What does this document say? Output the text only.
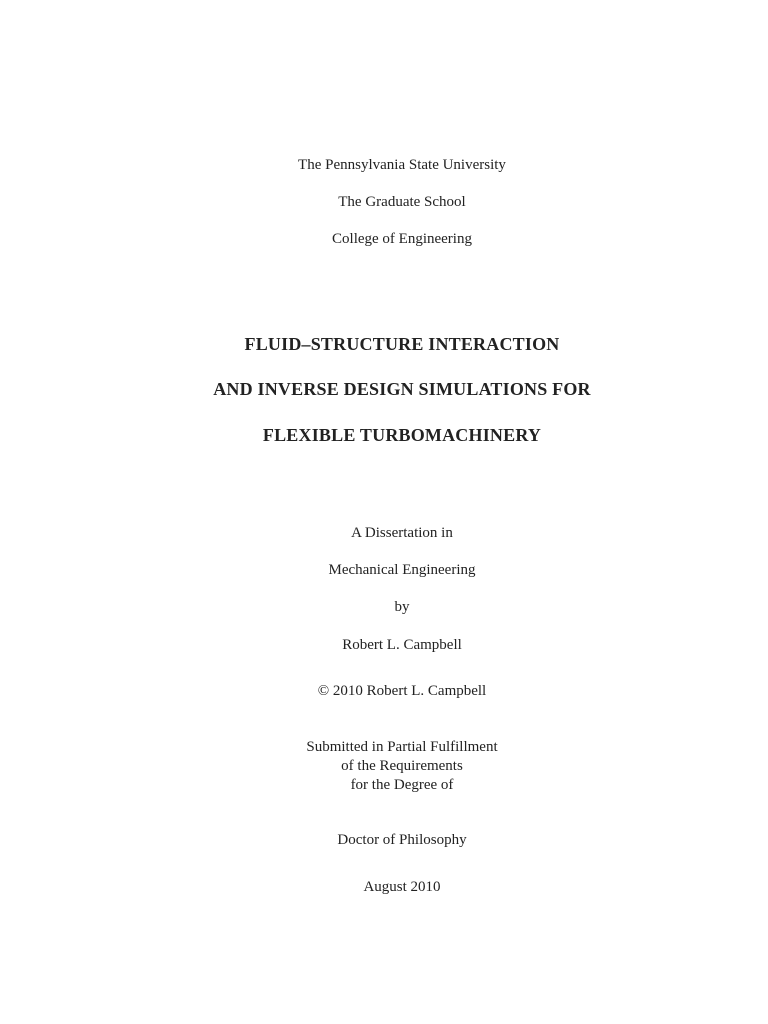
The Pennsylvania State University
The Graduate School
College of Engineering
FLUID–STRUCTURE INTERACTION
AND INVERSE DESIGN SIMULATIONS FOR
FLEXIBLE TURBOMACHINERY
A Dissertation in
Mechanical Engineering
by
Robert L. Campbell
© 2010 Robert L. Campbell
Submitted in Partial Fulfillment
of the Requirements
for the Degree of
Doctor of Philosophy
August 2010
